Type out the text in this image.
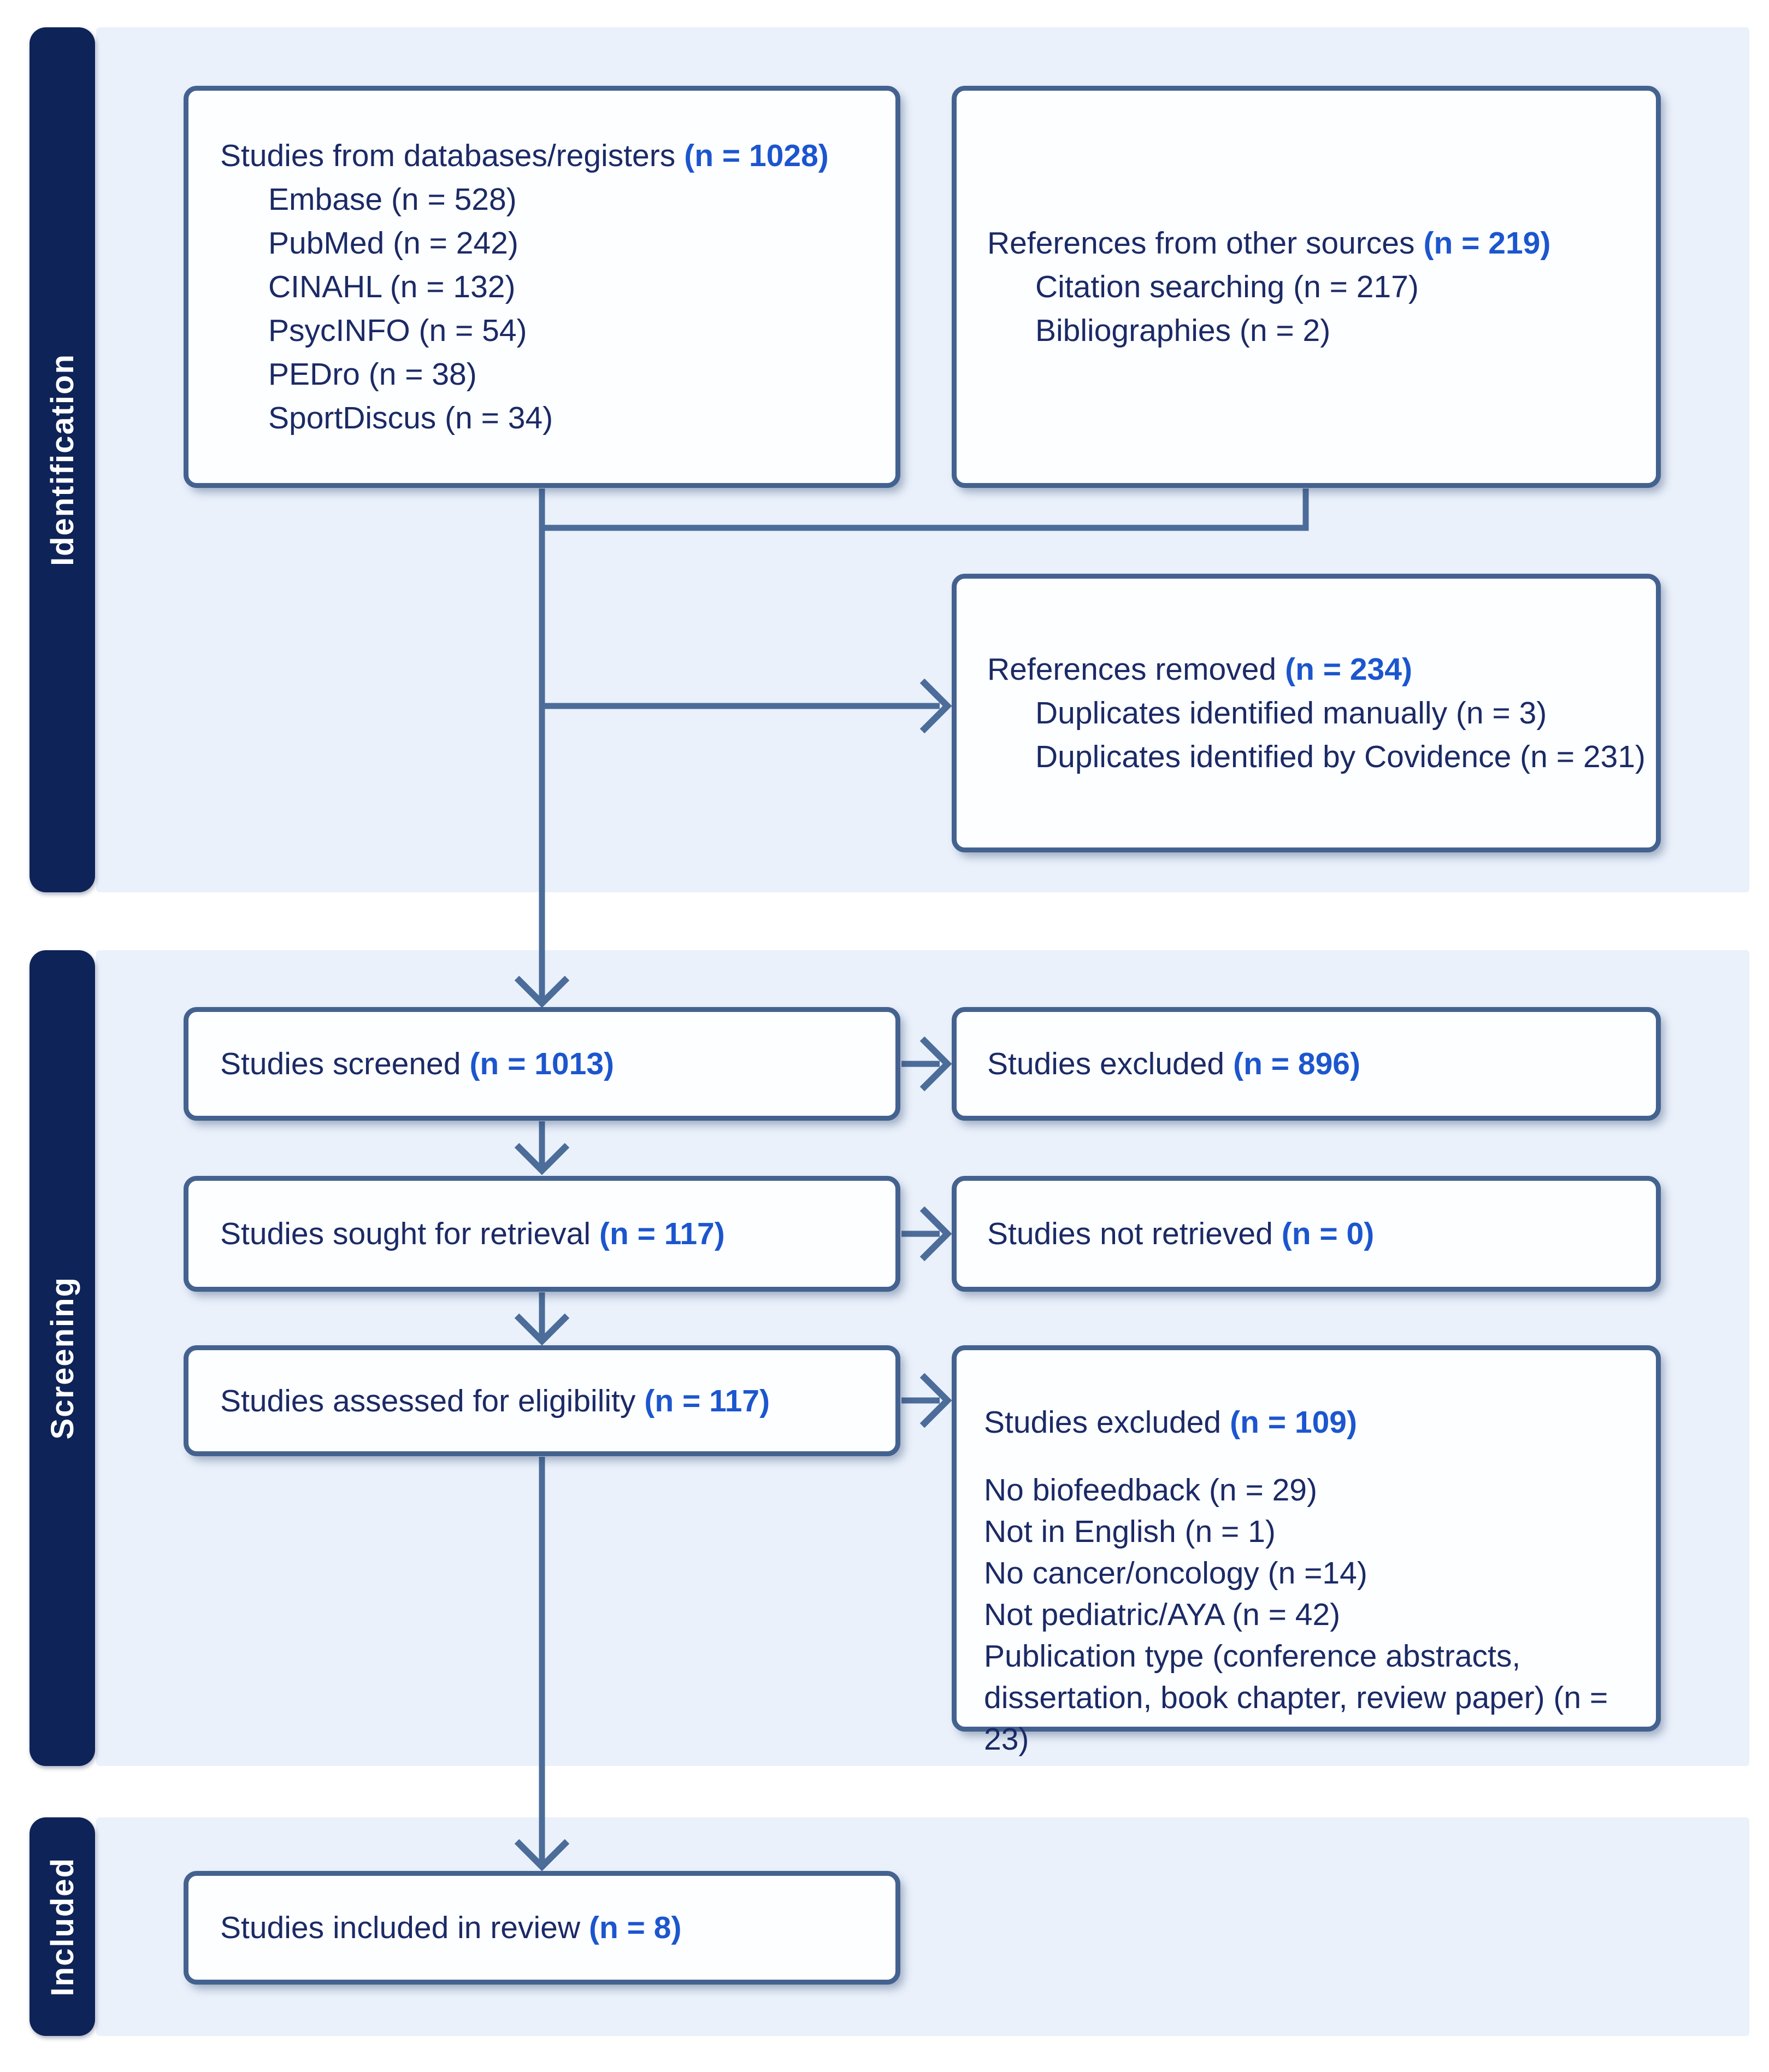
Identification
Screening
Included
Studies from databases/registers (n = 1028)
Embase (n = 528)
PubMed (n = 242)
CINAHL (n = 132)
PsycINFO (n = 54)
PEDro (n = 38)
SportDiscus (n = 34)
References from other sources (n = 219)
Citation searching (n = 217)
Bibliographies (n = 2)
References removed (n = 234)
Duplicates identified manually (n = 3)
Duplicates identified by Covidence (n = 231)
Studies screened (n = 1013)	Studies excluded (n = 896)
Studies sought for retrieval (n = 117)	Studies not retrieved (n = 0)
Studies assessed for eligibility (n = 117)
Studies excluded (n = 109)
No biofeedback (n = 29)
Not in English (n = 1)
No cancer/oncology (n =14)
Not pediatric/AYA (n = 42)
Publication type (conference abstracts, dissertation, book chapter, review paper) (n = 23)
Studies included in review (n = 8)
